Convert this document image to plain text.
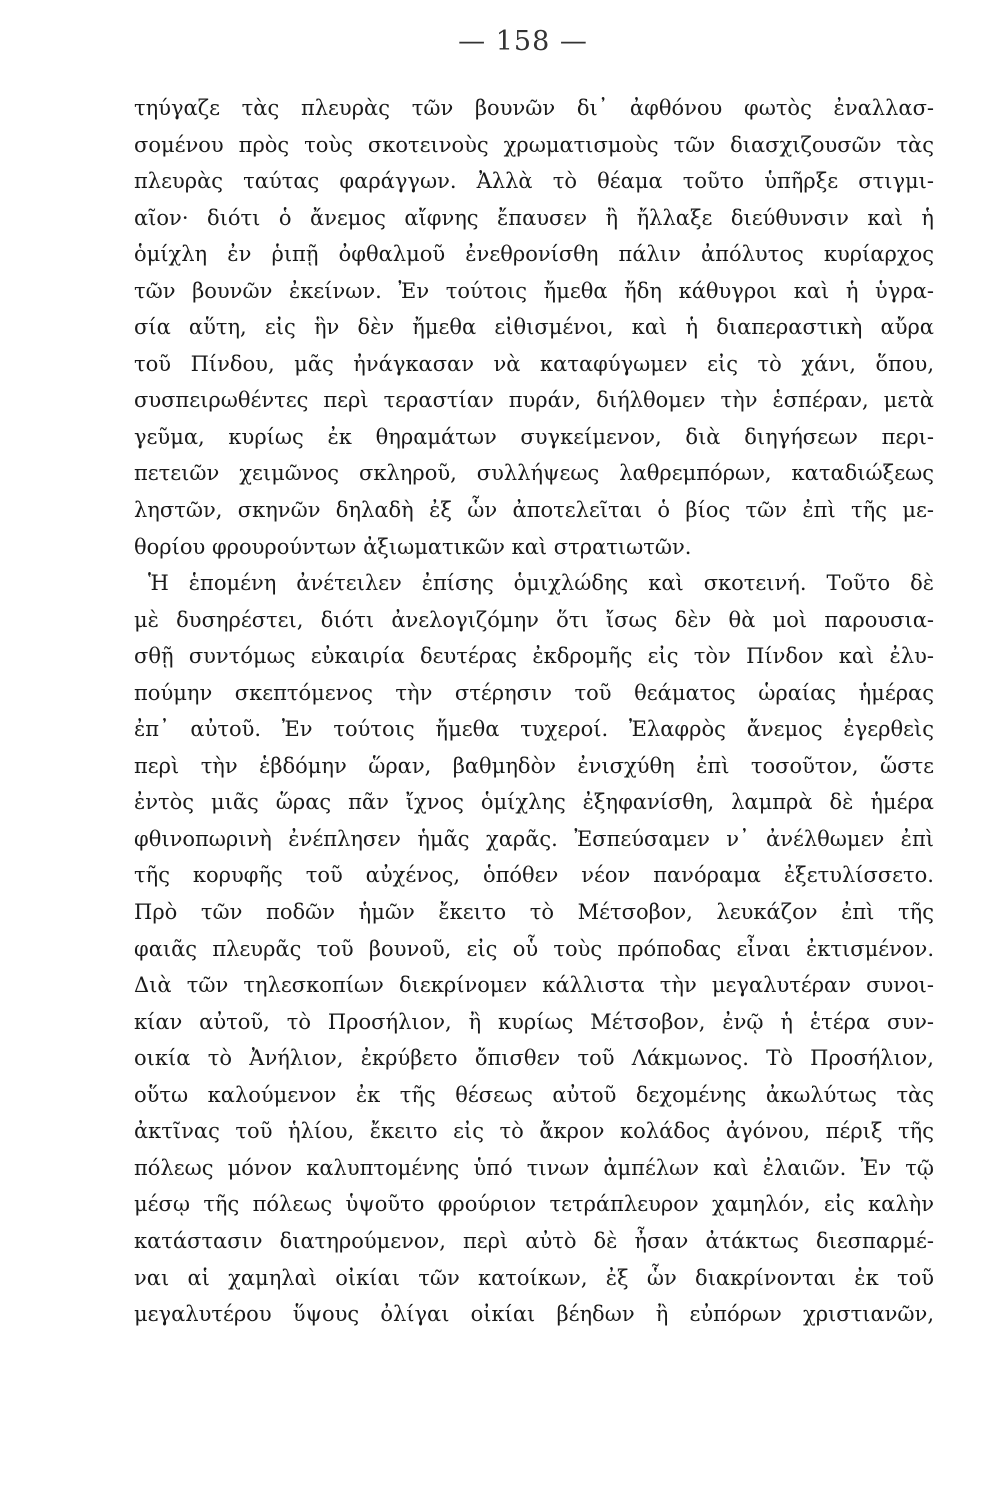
— 158 —
τηύγαζε τὰς πλευρὰς τῶν βουνῶν δι᾽ ἀφθόνου φωτὸς ἐναλλασ-
σομένου πρὸς τοὺς σκοτεινοὺς χρωματισμοὺς τῶν διασχιζουσῶν τὰς
πλευρὰς ταύτας φαράγγων. Ἀλλὰ τὸ θέαμα τοῦτο ὑπῆρξε στιγμι-
αῖον· διότι ὁ ἄνεμος αἴφνης ἔπαυσεν ἢ ἤλλαξε διεύθυνσιν καὶ ἡ
ὁμίχλη ἐν ῥιπῇ ὀφθαλμοῦ ἐνεθρονίσθη πάλιν ἀπόλυτος κυρίαρχος
τῶν βουνῶν ἐκείνων. Ἐν τούτοις ἤμεθα ἤδη κάθυγροι καὶ ἡ ὑγρα-
σία αὕτη, εἰς ἣν δὲν ἤμεθα εἰθισμένοι, καὶ ἡ διαπεραστικὴ αὔρα
τοῦ Πίνδου, μᾶς ἠνάγκασαν νὰ καταφύγωμεν εἰς τὸ χάνι, ὅπου,
συσπειρωθέντες περὶ τεραστίαν πυράν, διήλθομεν τὴν ἑσπέραν, μετὰ
γεῦμα, κυρίως ἐκ θηραμάτων συγκείμενον, διὰ διηγήσεων περι-
πετειῶν χειμῶνος σκληροῦ, συλλήψεως λαθρεμπόρων, καταδιώξεως
ληστῶν, σκηνῶν δηλαδὴ ἐξ ὧν ἀποτελεῖται ὁ βίος τῶν ἐπὶ τῆς με-
θορίου φρουρούντων ἀξιωματικῶν καὶ στρατιωτῶν.
Ἡ ἑπομένη ἀνέτειλεν ἐπίσης ὁμιχλώδης καὶ σκοτεινή. Τοῦτο δὲ
μὲ δυσηρέστει, διότι ἀνελογιζόμην ὅτι ἴσως δὲν θὰ μοὶ παρουσια-
σθῇ συντόμως εὐκαιρία δευτέρας ἐκδρομῆς εἰς τὸν Πίνδον καὶ ἐλυ-
πούμην σκεπτόμενος τὴν στέρησιν τοῦ θεάματος ὡραίας ἡμέρας
ἐπ᾽ αὐτοῦ. Ἐν τούτοις ἤμεθα τυχεροί. Ἐλαφρὸς ἄνεμος ἐγερθεὶς
περὶ τὴν ἑβδόμην ὥραν, βαθμηδὸν ἐνισχύθη ἐπὶ τοσοῦτον, ὥστε
ἐντὸς μιᾶς ὥρας πᾶν ἴχνος ὁμίχλης ἐξηφανίσθη, λαμπρὰ δὲ ἡμέρα
φθινοπωρινὴ ἐνέπλησεν ἡμᾶς χαρᾶς. Ἐσπεύσαμεν ν᾽ ἀνέλθωμεν ἐπὶ
τῆς κορυφῆς τοῦ αὐχένος, ὁπόθεν νέον πανόραμα ἐξετυλίσσετο.
Πρὸ τῶν ποδῶν ἡμῶν ἔκειτο τὸ Μέτσοβον, λευκάζον ἐπὶ τῆς
φαιᾶς πλευρᾶς τοῦ βουνοῦ, εἰς οὗ τοὺς πρόποδας εἶναι ἐκτισμένον.
Διὰ τῶν τηλεσκοπίων διεκρίνομεν κάλλιστα τὴν μεγαλυτέραν συνοι-
κίαν αὐτοῦ, τὸ Προσήλιον, ἢ κυρίως Μέτσοβον, ἐνῷ ἡ ἑτέρα συν-
οικία τὸ Ἀνήλιον, ἐκρύβετο ὄπισθεν τοῦ Λάκμωνος. Τὸ Προσήλιον,
οὕτω καλούμενον ἐκ τῆς θέσεως αὐτοῦ δεχομένης ἀκωλύτως τὰς
ἀκτῖνας τοῦ ἡλίου, ἔκειτο εἰς τὸ ἄκρον κολάδος ἀγόνου, πέριξ τῆς
πόλεως μόνον καλυπτομένης ὑπό τινων ἀμπέλων καὶ ἐλαιῶν. Ἐν τῷ
μέσῳ τῆς πόλεως ὑψοῦτο φρούριον τετράπλευρον χαμηλόν, εἰς καλὴν
κατάστασιν διατηρούμενον, περὶ αὐτὸ δὲ ἦσαν ἀτάκτως διεσπαρμέ-
ναι αἱ χαμηλαὶ οἰκίαι τῶν κατοίκων, ἐξ ὧν διακρίνονται ἐκ τοῦ
μεγαλυτέρου ὕψους ὀλίγαι οἰκίαι βέηδων ἢ εὐπόρων χριστιανῶν,
